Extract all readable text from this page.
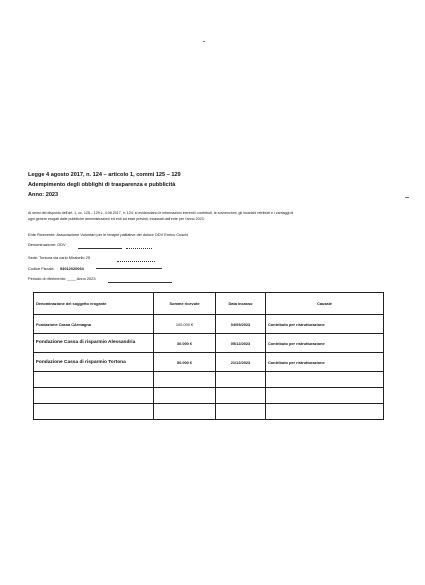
Legge 4 agosto 2017, n. 124 – articolo 1, commi 125 – 129
Adempimento degli obblighi di trasparenza e pubblicità
Anno: 2023
Ai sensi del disposto dell'art. 1, cc. 125 – 129 L. 4.08.2017, n. 124, si evidenziano le informazioni inerenti i contributi, le sovvenzioni, gli incarichi retribuiti e i vantaggi di
ogni genere erogati dalle pubbliche amministrazioni ed enti ad esse previsti, incassati dall'ente per l'anno 2023:
Ente Ricevente: Associazione Volontari per le terapie palliative del dolore ODV Enrico Cuschi
Denominazione: ODV
Sede: Tortona via carlo Mirabello 25
Codice Fiscale: 94012020064
Periodo di riferimento: ____ Anno 2023
Denominazione del soggetto erogante	Somme ricevute	Data incasso	Causale
Fondazione Cassa CArmagna	100.000 €	04/09/2023	Contributo per ristrutturazione
Fondazione Cassa di risparmio Alessandria	30.000 €	05/12/2023	Contributo per ristrutturazione
Fondazione Cassa di risparmio Tortona	50.000 €	21/12/2023	Contributo per ristrutturazione
